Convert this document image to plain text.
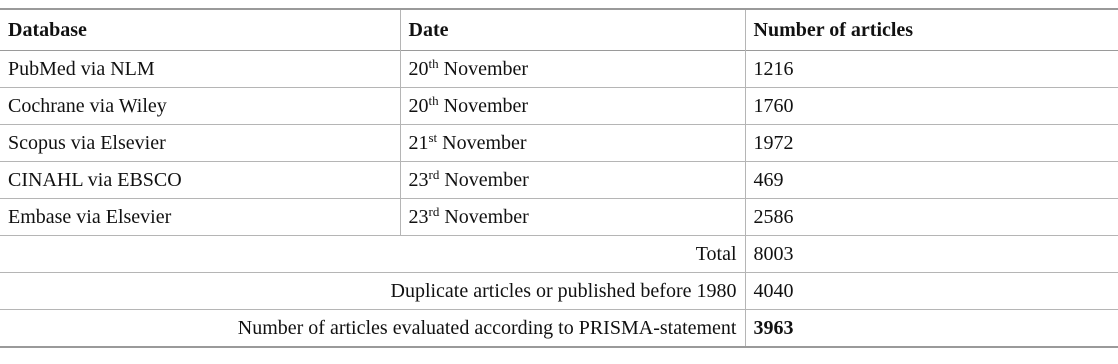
Database	Date	Number of articles
PubMed via NLM	20th November	1216
Cochrane via Wiley	20th November	1760
Scopus via Elsevier	21st November	1972
CINAHL via EBSCO	23rd November	469
Embase via Elsevier	23rd November	2586
Total		8003
Duplicate articles or published before 1980		4040
Number of articles evaluated according to PRISMA-statement		3963
